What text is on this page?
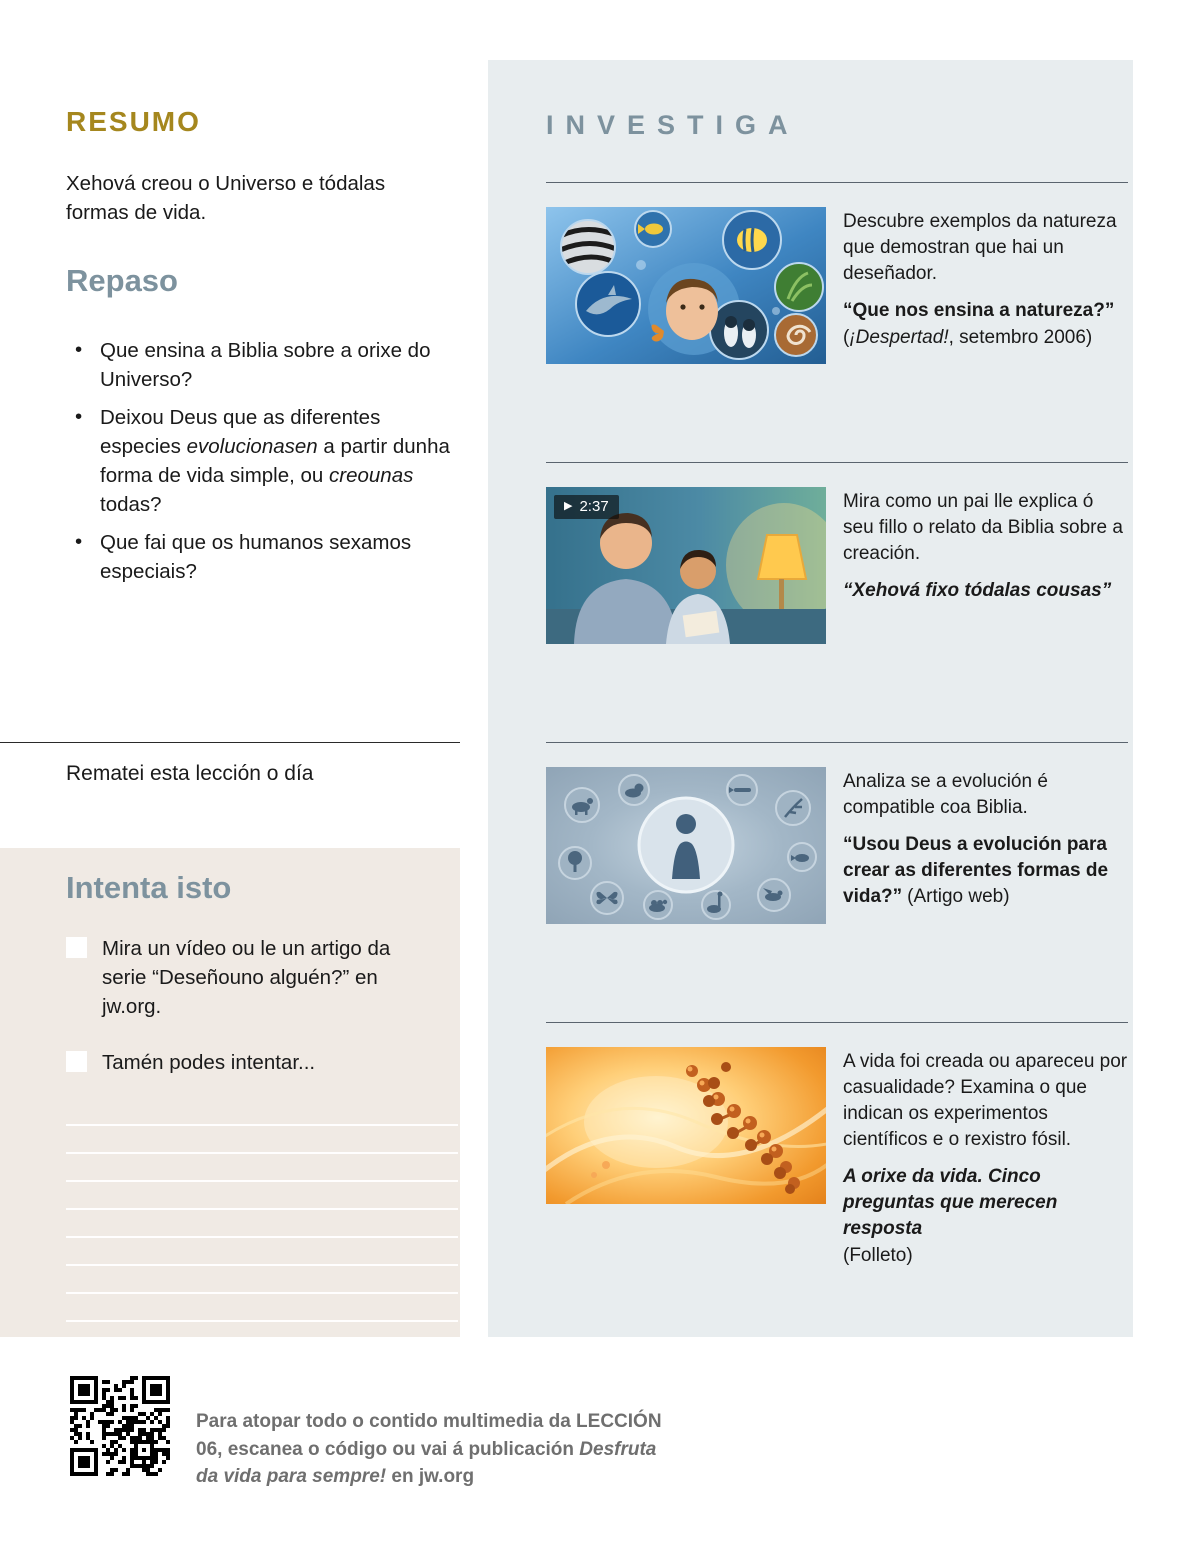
RESUMO

Xehová creou o Universo e tódalas formas de vida.

Repaso
• Que ensina a Biblia sobre a orixe do Universo?
• Deixou Deus que as diferentes especies evolucionasen a partir dunha forma de vida simple, ou creounas todas?
• Que fai que os humanos sexamos especiais?

Rematei esta lección o día

Intenta isto
Mira un vídeo ou le un artigo da serie “Deseñouno alguén?” en jw.org.
Tamén podes intentar...
INVESTIGA

Descubre exemplos da natureza que demostran que hai un deseñador.

“Que nos ensina a natureza?”

(¡Despertad!, setembro 2006)

▶ 2:37	Mira como un pai lle explica ó seu fillo o relato da Biblia sobre a creación.

“Xehová fixo tódalas cousas”

Analiza se a evolución é compatible coa Biblia.

“Usou Deus a evolución para crear as diferentes formas de vida?” (Artigo web)

A vida foi creada ou apareceu por casualidade? Examina o que indican os experimentos científicos e o rexistro fósil.

A orixe da vida. Cinco preguntas que merecen resposta

(Folleto)

Para atopar todo o contido multimedia da LECCIÓN 06, escanea o código ou vai á publicación Desfruta da vida para sempre! en jw.org
